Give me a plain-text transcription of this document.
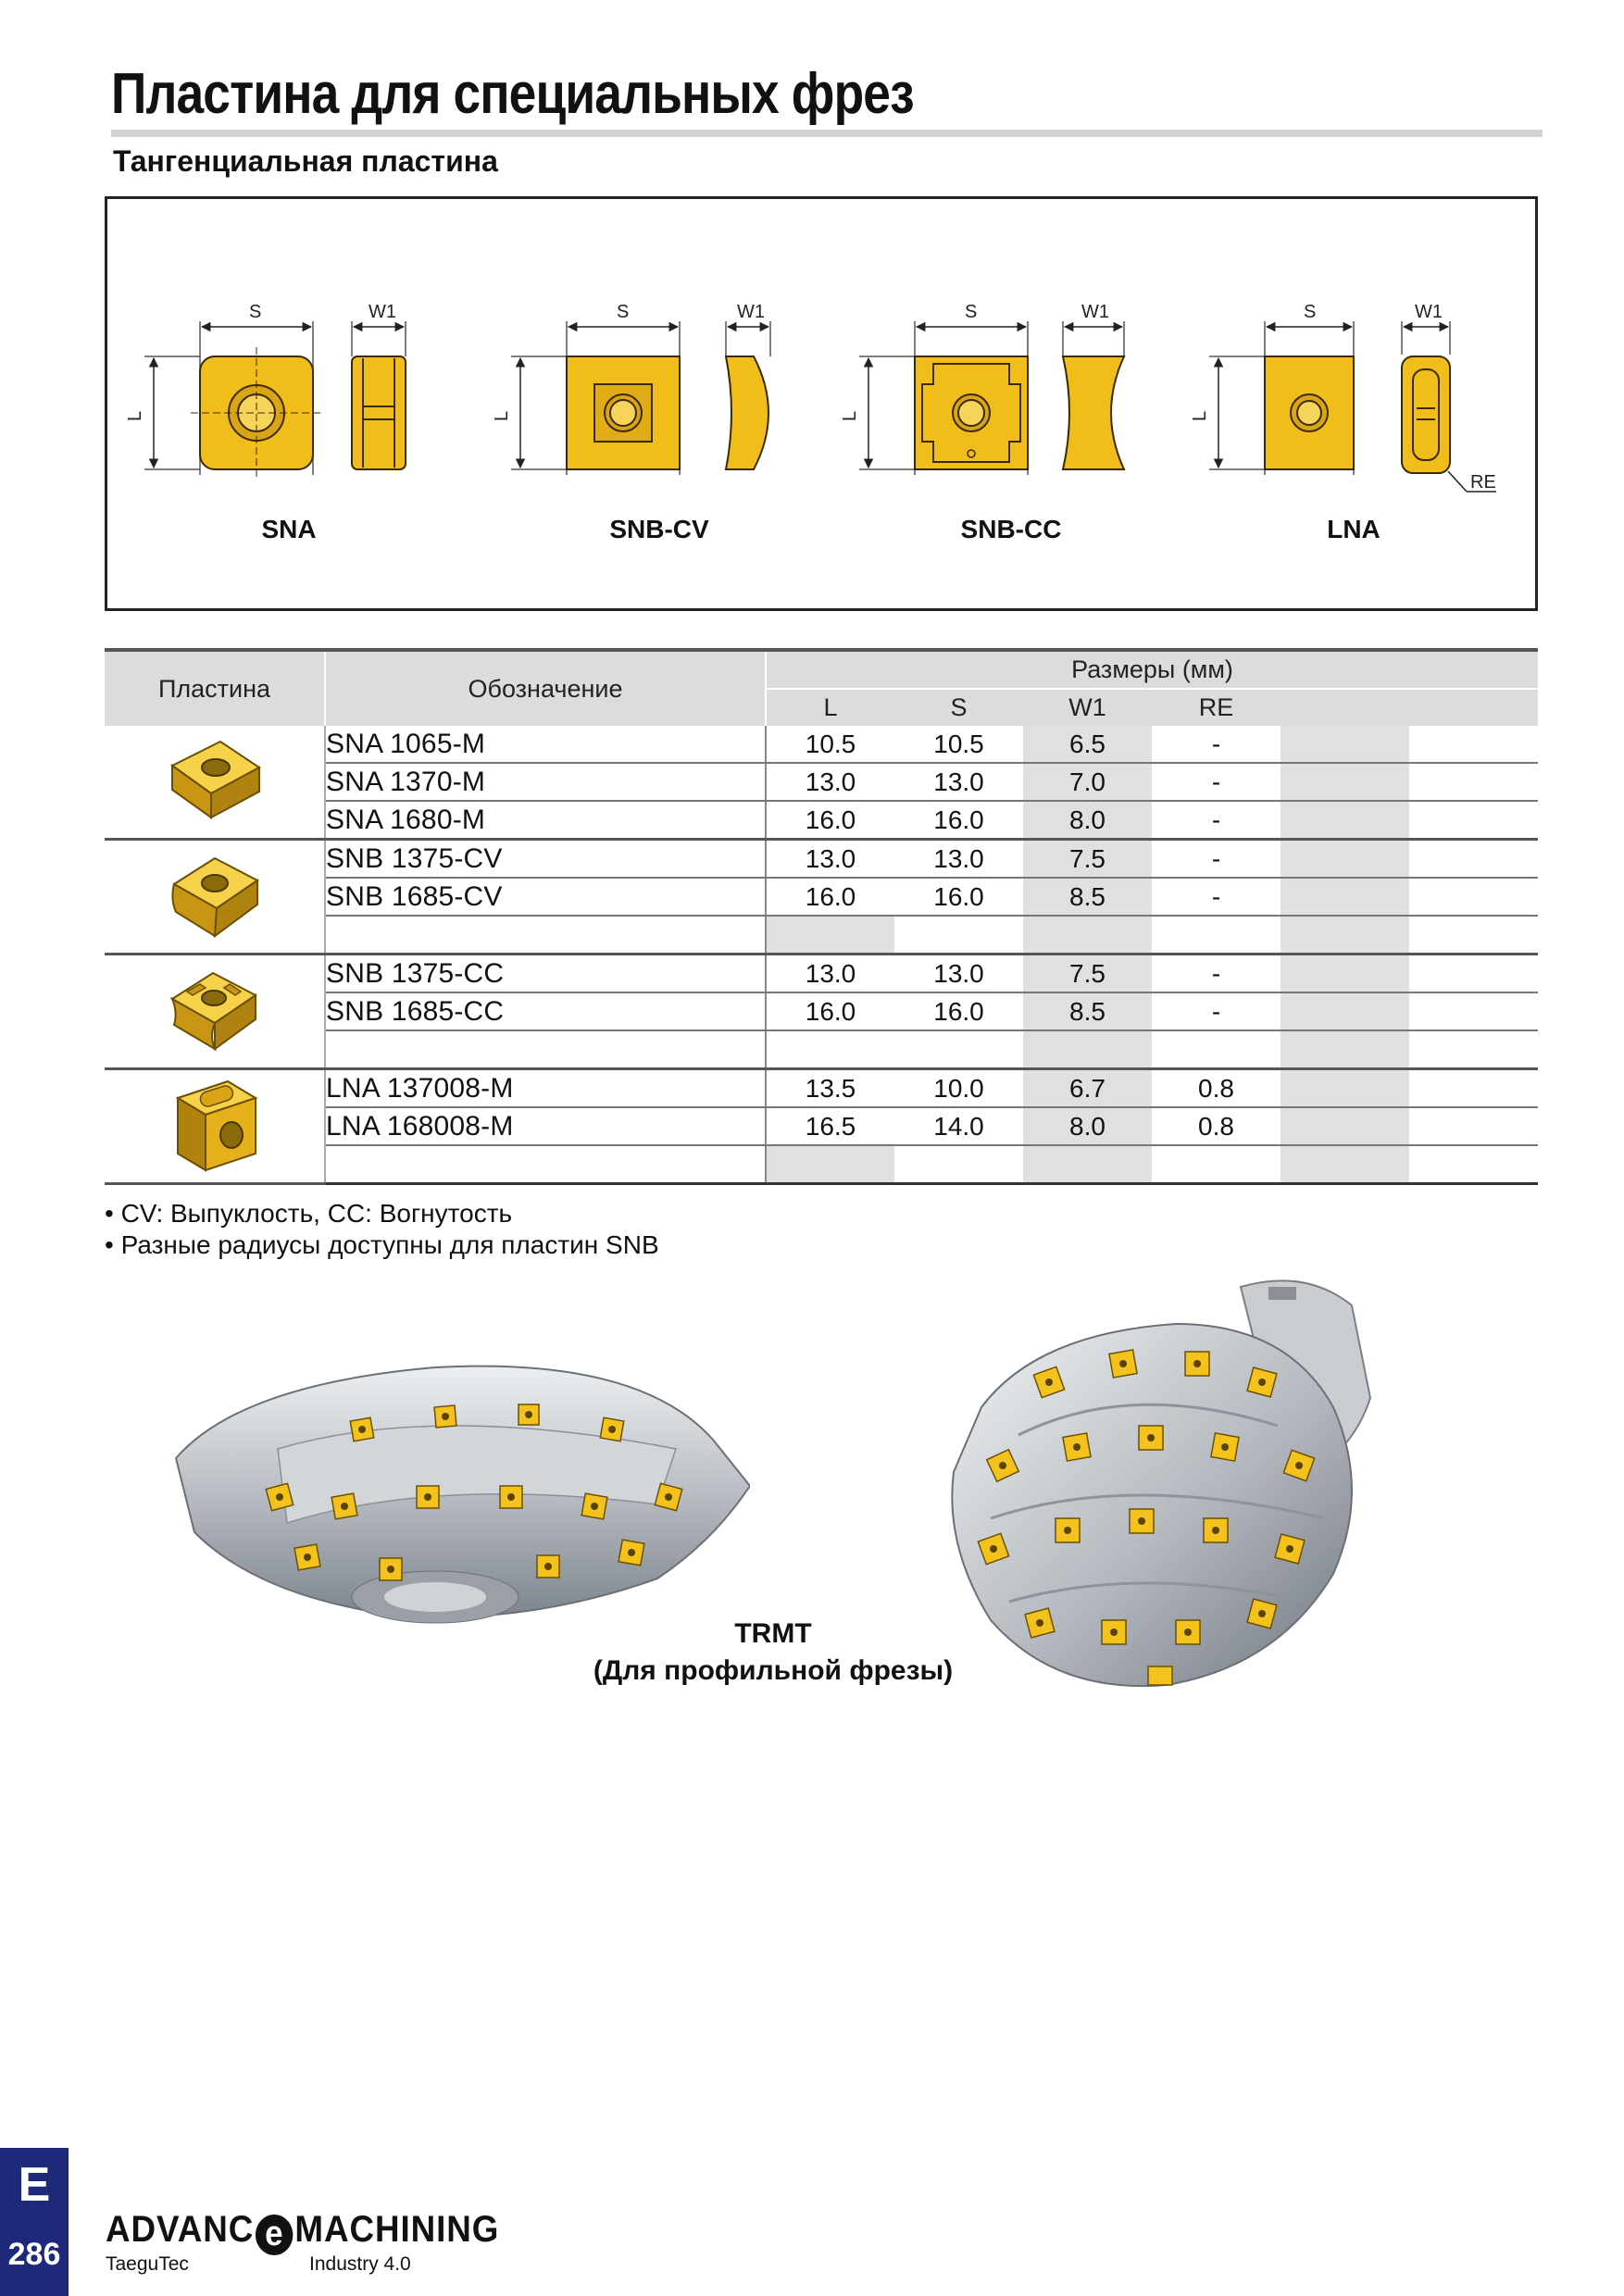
Пластина для специальных фрез
Тангенциальная пластина
S
L
W1
SNA
S
L
W1
SNB-CV
S
L
W1
SNB-CC
S
L
W1
RE
LNA
Пластина	Обозначение	Размеры (мм)					
		L	S	W1	RE		
	SNA 1065-M	10.5	10.5	6.5	-		
	SNA 1370-M	13.0	13.0	7.0	-		
	SNA 1680-M	16.0	16.0	8.0	-		
	SNB 1375-CV	13.0	13.0	7.5	-		
	SNB 1685-CV	16.0	16.0	8.5	-		

	SNB 1375-CC	13.0	13.0	7.5	-		
	SNB 1685-CC	16.0	16.0	8.5	-		

	LNA 137008-M	13.5	10.0	6.7	0.8		
	LNA 168008-M	16.5	14.0	8.0	0.8		

• CV: Выпуклость, CC: Вогнутость
• Разные радиусы доступны для пластин SNB
TRMT
(Для профильной фрезы)
E
286
ADVANC e MACHINING
TaeguTec	Industry 4.0
